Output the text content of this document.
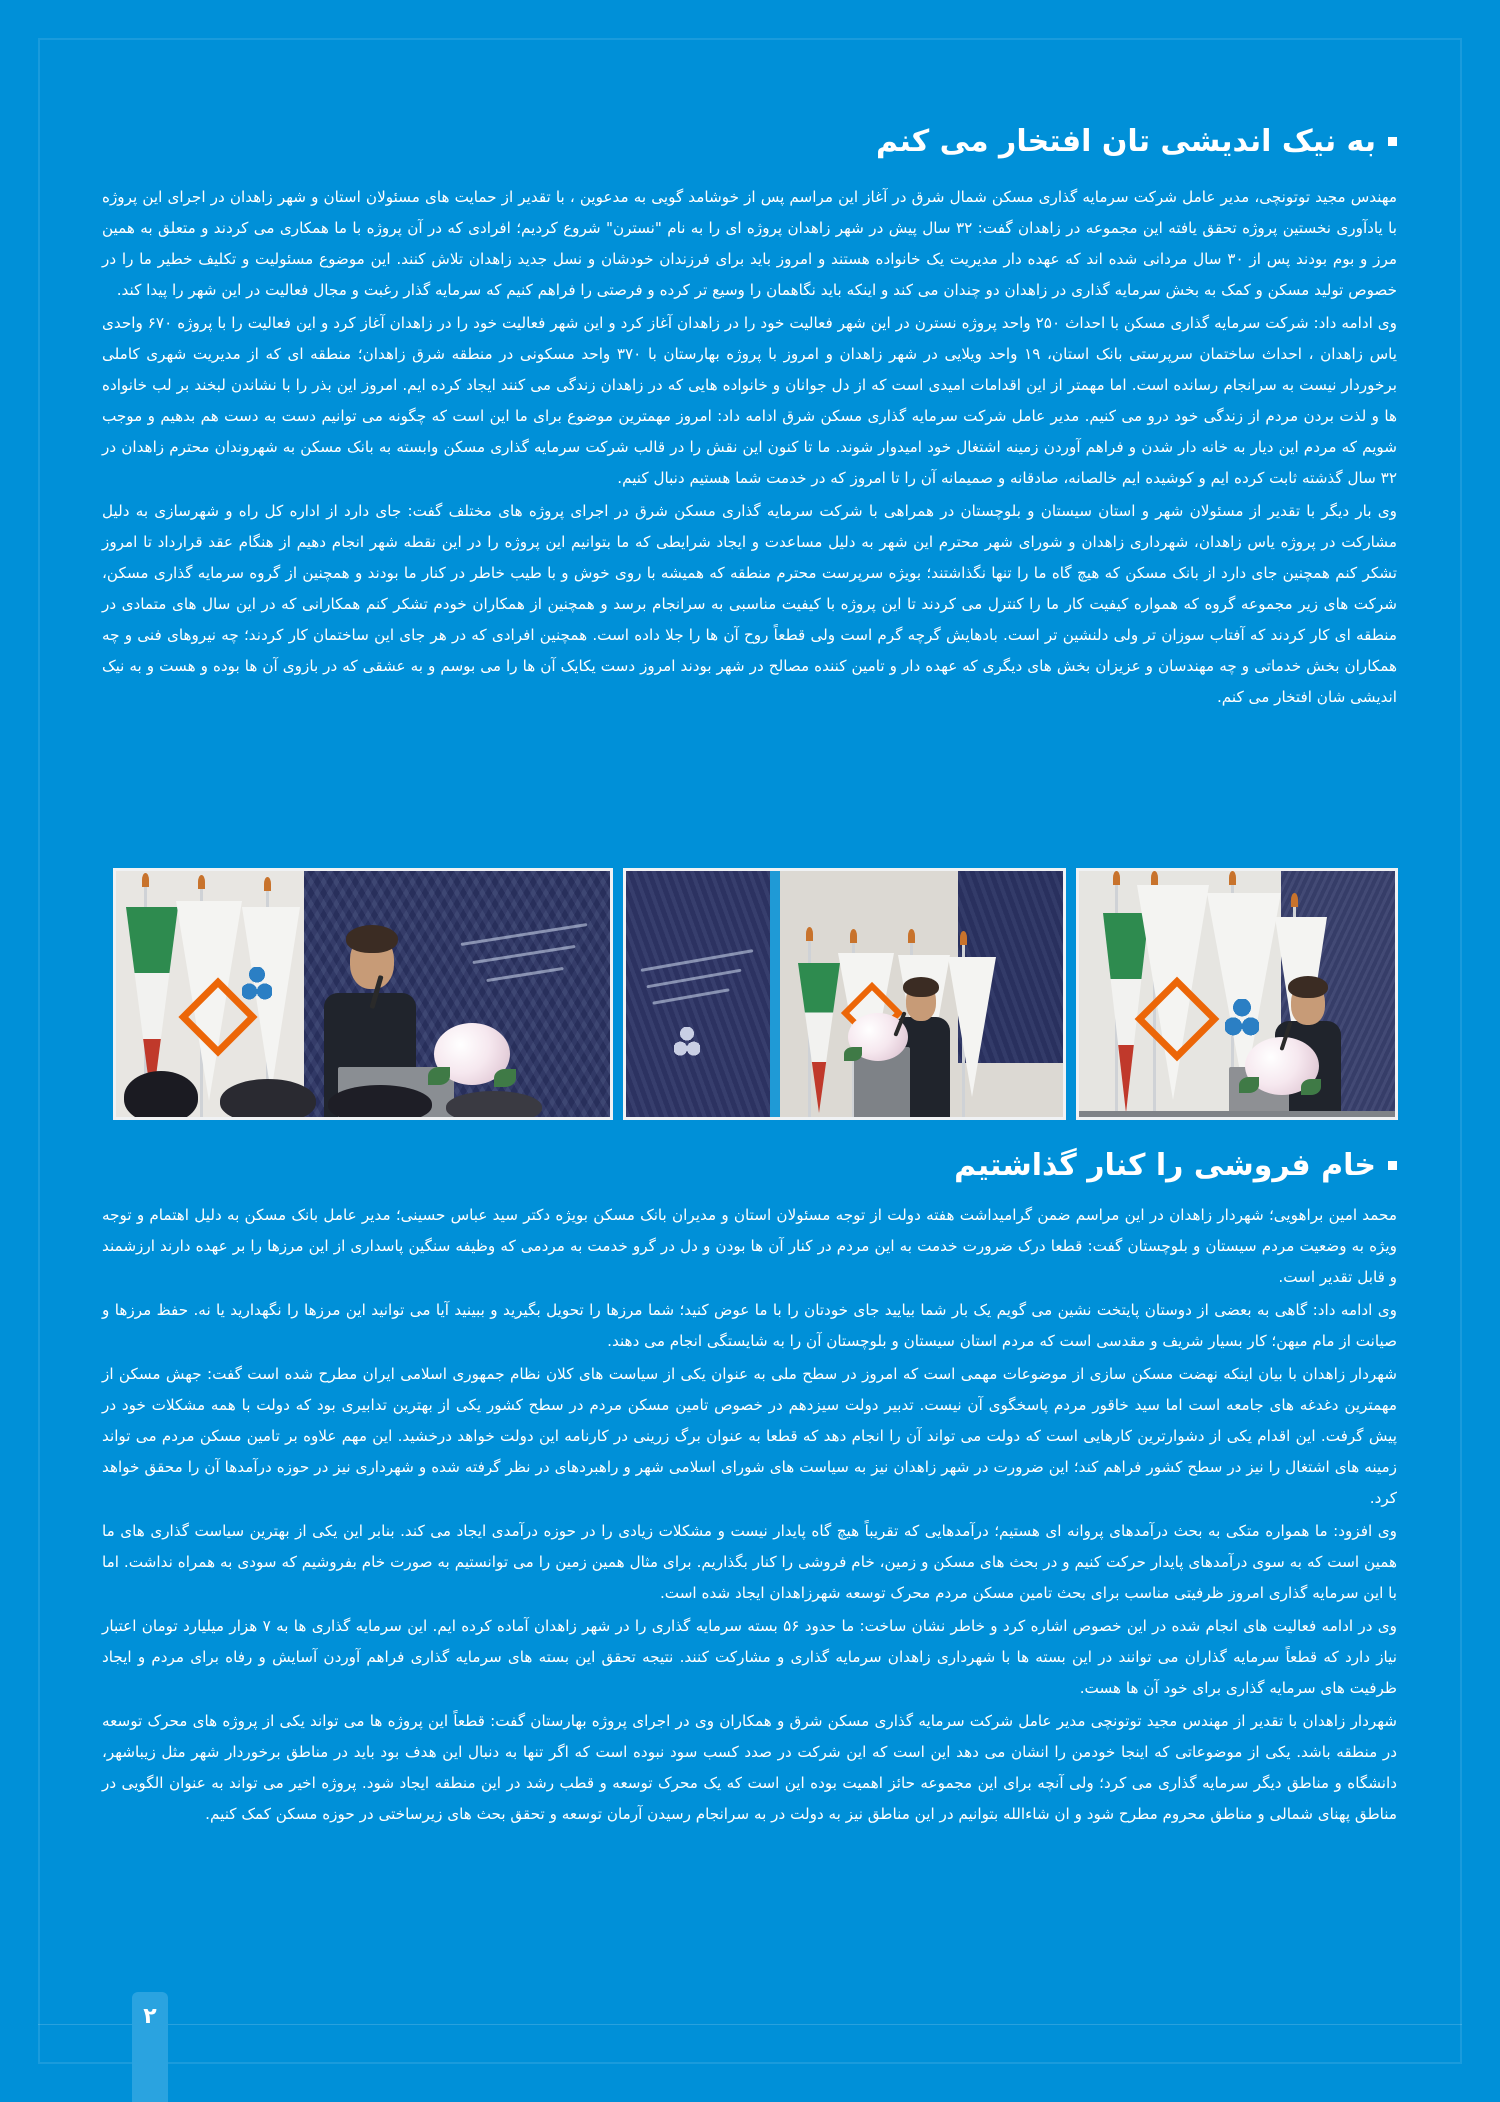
به نیک اندیشی تان افتخار می کنم

مهندس مجید توتونچی، مدیر عامل شرکت سرمایه گذاری مسکن شمال شرق در آغاز این مراسم پس از خوشامد گویی به مدعوین ، با تقدیر از حمایت های مسئولان استان و شهر زاهدان در اجرای این پروژه با یادآوری نخستین پروژه تحقق یافته این مجموعه در زاهدان گفت: ۳۲ سال پیش در شهر زاهدان پروژه ای را به نام "نسترن" شروع کردیم؛ افرادی که در آن پروژه با ما همکاری می کردند و متعلق به همین مرز و بوم بودند پس از ۳۰ سال مردانی شده اند که عهده دار مدیریت یک خانواده هستند و امروز باید برای فرزندان خودشان و نسل جدید زاهدان تلاش کنند. این موضوع مسئولیت و تکلیف خطیر ما را در خصوص تولید مسکن و کمک به بخش سرمایه گذاری در زاهدان دو چندان می کند و اینکه باید نگاهمان را وسیع تر کرده و فرصتی را فراهم کنیم که سرمایه گذار رغبت و مجال فعالیت در این شهر را پیدا کند.

وی ادامه داد: شرکت سرمایه گذاری مسکن با احداث ۲۵۰ واحد پروژه نسترن در این شهر فعالیت خود را در زاهدان آغاز کرد و این شهر فعالیت خود را در زاهدان آغاز کرد و این فعالیت را با پروژه ۶۷۰ واحدی یاس زاهدان ، احداث ساختمان سرپرستی بانک استان، ۱۹ واحد ویلایی در شهر زاهدان و امروز با پروژه بهارستان با ۳۷۰ واحد مسکونی در منطقه شرق زاهدان؛ منطقه ای که از مدیریت شهری کاملی برخوردار نیست به سرانجام رسانده است. اما مهمتر از این اقدامات امیدی است که از دل جوانان و خانواده هایی که در زاهدان زندگی می کنند ایجاد کرده ایم. امروز این بذر را با نشاندن لبخند بر لب خانواده ها و لذت بردن مردم از زندگی خود درو می کنیم. مدیر عامل شرکت سرمایه گذاری مسکن شرق ادامه داد: امروز مهمترین موضوع برای ما این است که چگونه می توانیم دست به دست هم بدهیم و موجب شویم که مردم این دیار به خانه دار شدن و فراهم آوردن زمینه اشتغال خود امیدوار شوند. ما تا کنون این نقش را در قالب شرکت سرمایه گذاری مسکن وابسته به بانک مسکن به شهروندان محترم زاهدان در ۳۲ سال گذشته ثابت کرده ایم و کوشیده ایم خالصانه، صادقانه و صمیمانه آن را تا امروز که در خدمت شما هستیم دنبال کنیم.

وی بار دیگر با تقدیر از مسئولان شهر و استان سیستان و بلوچستان در همراهی با شرکت سرمایه گذاری مسکن شرق در اجرای پروژه های مختلف گفت: جای دارد از اداره کل راه و شهرسازی به دلیل مشارکت در پروژه یاس زاهدان، شهرداری زاهدان و شورای شهر محترم این شهر به دلیل مساعدت و ایجاد شرایطی که ما بتوانیم این پروژه را در این نقطه شهر انجام دهیم از هنگام عقد قرارداد تا امروز تشکر کنم همچنین جای دارد از بانک مسکن که هیچ گاه ما را تنها نگذاشتند؛ بویژه سرپرست محترم منطقه که همیشه با روی خوش و با طیب خاطر در کنار ما بودند و همچنین از گروه سرمایه گذاری مسکن، شرکت های زیر مجموعه گروه که همواره کیفیت کار ما را کنترل می کردند تا این پروژه با کیفیت مناسبی به سرانجام برسد و همچنین از همکاران خودم تشکر کنم همکارانی که در این سال های متمادی در منطقه ای کار کردند که آفتاب سوزان تر ولی دلنشین تر است. بادهایش گرچه گرم است ولی قطعاً روح آن ها را جلا داده است. همچنین افرادی که در هر جای این ساختمان کار کردند؛ چه نیروهای فنی و چه همکاران بخش خدماتی و چه مهندسان و عزیزان بخش های دیگری که عهده دار و تامین کننده مصالح در شهر بودند امروز دست یکایک آن ها را می بوسم و به عشقی که در بازوی آن ها بوده و هست و به نیک اندیشی شان افتخار می کنم.

خام فروشی را کنار گذاشتیم

محمد امین براهویی؛ شهردار زاهدان در این مراسم ضمن گرامیداشت هفته دولت از توجه مسئولان استان و مدیران بانک مسکن بویژه دکتر سید عباس حسینی؛ مدیر عامل بانک مسکن به دلیل اهتمام و توجه ویژه به وضعیت مردم سیستان و بلوچستان گفت: قطعا درک ضرورت خدمت به این مردم در کنار آن ها بودن و دل در گرو خدمت به مردمی که وظیفه سنگین پاسداری از این مرزها را بر عهده دارند ارزشمند و قابل تقدیر است.

وی ادامه داد: گاهی به بعضی از دوستان پایتخت نشین می گویم یک بار شما بیایید جای خودتان را با ما عوض کنید؛ شما مرزها را تحویل بگیرید و ببینید آیا می توانید این مرزها را نگهدارید یا نه. حفظ مرزها و صیانت از مام میهن؛ کار بسیار شریف و مقدسی است که مردم استان سیستان و بلوچستان آن را به شایستگی انجام می دهند.

شهردار زاهدان با بیان اینکه نهضت مسکن سازی از موضوعات مهمی است که امروز در سطح ملی به عنوان یکی از سیاست های کلان نظام جمهوری اسلامی ایران مطرح شده است گفت: جهش مسکن از مهمترین دغدغه های جامعه است اما سید خاقور مردم پاسخگوی آن نیست. تدبیر دولت سیزدهم در خصوص تامین مسکن مردم در سطح کشور یکی از بهترین تدابیری بود که دولت با همه مشکلات خود در پیش گرفت. این اقدام یکی از دشوارترین کارهایی است که دولت می تواند آن را انجام دهد که قطعا به عنوان برگ زرینی در کارنامه این دولت خواهد درخشید. این مهم علاوه بر تامین مسکن مردم می تواند زمینه های اشتغال را نیز در سطح کشور فراهم کند؛ این ضرورت در شهر زاهدان نیز به سیاست های شورای اسلامی شهر و راهبردهای در نظر گرفته شده و شهرداری نیز در حوزه درآمدها آن را محقق خواهد کرد.

وی افزود: ما همواره متکی به بحث درآمدهای پروانه ای هستیم؛ درآمدهایی که تقریباً هیچ گاه پایدار نیست و مشکلات زیادی را در حوزه درآمدی ایجاد می کند. بنابر این یکی از بهترین سیاست گذاری های ما همین است که به سوی درآمدهای پایدار حرکت کنیم و در بحث های مسکن و زمین، خام فروشی را کنار بگذاریم. برای مثال همین زمین را می توانستیم به صورت خام بفروشیم که سودی به همراه نداشت. اما با این سرمایه گذاری امروز ظرفیتی مناسب برای بحث تامین مسکن مردم محرک توسعه شهرزاهدان ایجاد شده است.

وی در ادامه فعالیت های انجام شده در این خصوص اشاره کرد و خاطر نشان ساخت: ما حدود ۵۶ بسته سرمایه گذاری را در شهر زاهدان آماده کرده ایم. این سرمایه گذاری ها به ۷ هزار میلیارد تومان اعتبار نیاز دارد که قطعاً سرمایه گذاران می توانند در این بسته ها با شهرداری زاهدان سرمایه گذاری و مشارکت کنند. نتیجه تحقق این بسته های سرمایه گذاری فراهم آوردن آسایش و رفاه برای مردم و ایجاد ظرفیت های سرمایه گذاری برای خود آن ها هست.

شهردار زاهدان با تقدیر از مهندس مجید توتونچی مدیر عامل شرکت سرمایه گذاری مسکن شرق و همکاران وی در اجرای پروژه بهارستان گفت: قطعاً این پروژه ها می تواند یکی از پروژه های محرک توسعه در منطقه باشد. یکی از موضوعاتی که اینجا خودمن را انشان می دهد این است که این شرکت در صدد کسب سود نبوده است که اگر تنها به دنبال این هدف بود باید در مناطق برخوردار شهر مثل زیباشهر، دانشگاه و مناطق دیگر سرمایه گذاری می کرد؛ ولی آنچه برای این مجموعه حائز اهمیت بوده این است که یک محرک توسعه و قطب رشد در این منطقه ایجاد شود. پروژه اخیر می تواند به عنوان الگویی در مناطق پهنای شمالی و مناطق محروم مطرح شود و ان شاءالله بتوانیم در این مناطق نیز به دولت در به سرانجام رسیدن آرمان توسعه و تحقق بحث های زیرساختی در حوزه مسکن کمک کنیم.

۲
